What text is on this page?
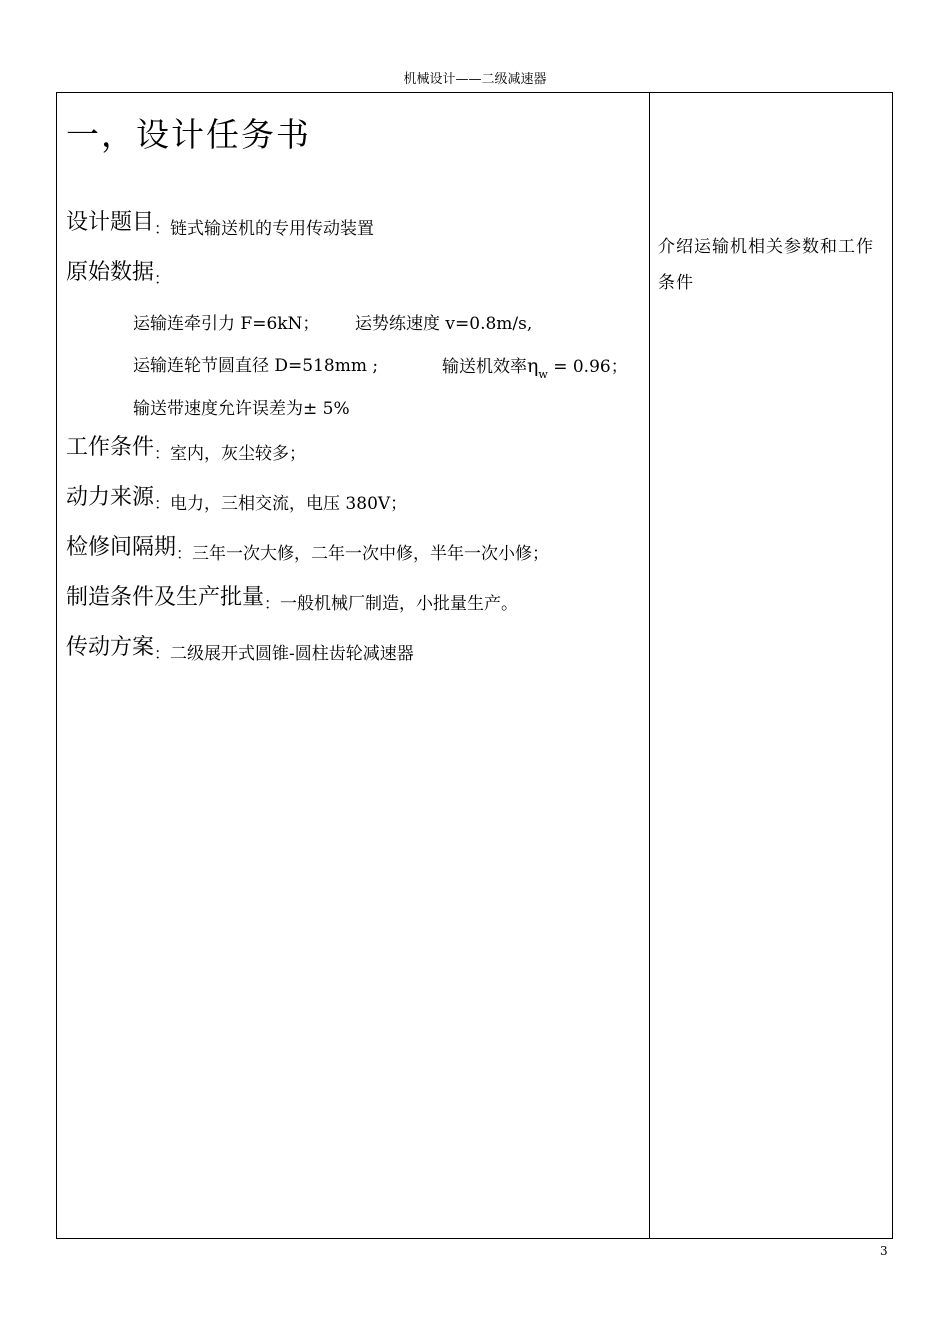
机械设计——二级减速器
一，设计任务书
设计题目：链式输送机的专用传动装置
原始数据：
运输连牵引力 F=6kN； 运势练速度 v=0.8m/s,
运输连轮节圆直径 D=518mm ;	输送机效率$\eta_w = 0.96$；
输送带速度允许误差为± 5%
工作条件：室内，灰尘较多；
动力来源：电力，三相交流，电压 380V；
检修间隔期：三年一次大修，二年一次中修，半年一次小修；
制造条件及生产批量：一般机械厂制造，小批量生产。
传动方案：二级展开式圆锥-圆柱齿轮减速器
介绍运输机相关参数和工作条件
3
